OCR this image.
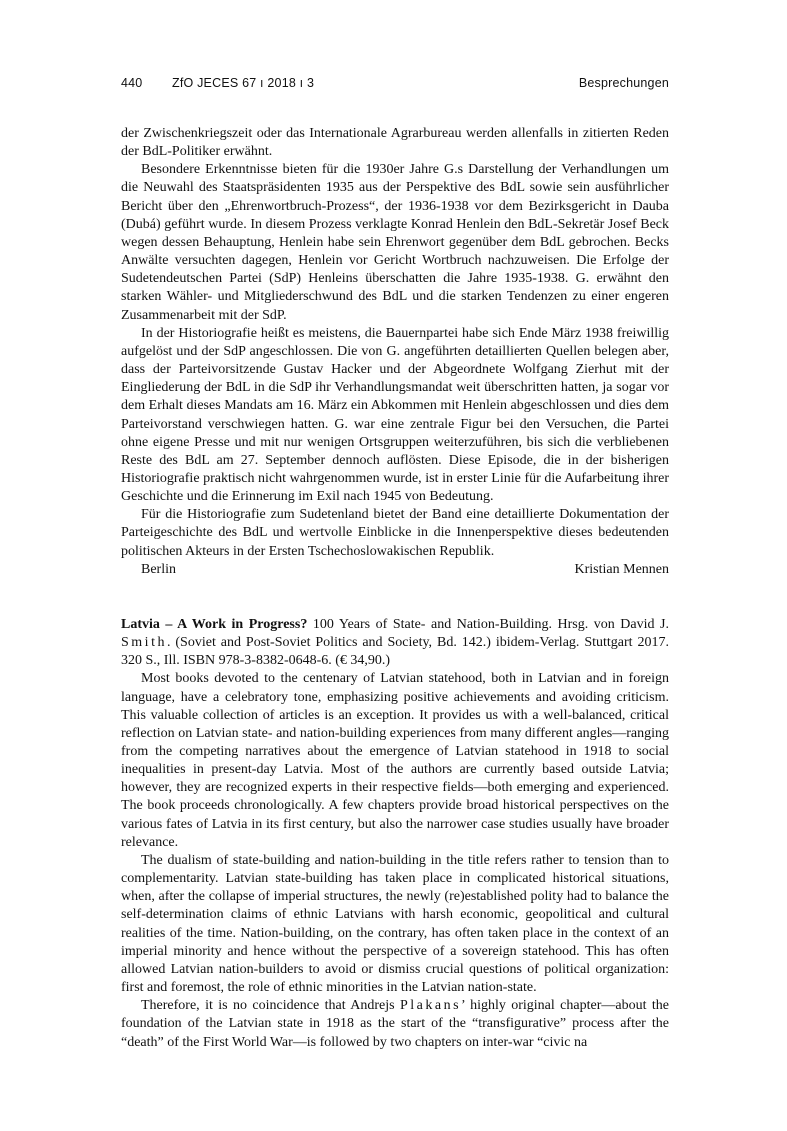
440 ZfO JECES 67 ı 2018 ı 3	Besprechungen

der Zwischenkriegszeit oder das Internationale Agrarbureau werden allenfalls in zitierten Reden der BdL-Politiker erwähnt.

Besondere Erkenntnisse bieten für die 1930er Jahre G.s Darstellung der Verhandlungen um die Neuwahl des Staatspräsidenten 1935 aus der Perspektive des BdL sowie sein ausführlicher Bericht über den „Ehrenwortbruch-Prozess“, der 1936-1938 vor dem Bezirksgericht in Dauba (Dubá) geführt wurde. In diesem Prozess verklagte Konrad Henlein den BdL-Sekretär Josef Beck wegen dessen Behauptung, Henlein habe sein Ehrenwort gegenüber dem BdL gebrochen. Becks Anwälte versuchten dagegen, Henlein vor Gericht Wortbruch nachzuweisen. Die Erfolge der Sudetendeutschen Partei (SdP) Henleins überschatten die Jahre 1935-1938. G. erwähnt den starken Wähler- und Mitgliederschwund des BdL und die starken Tendenzen zu einer engeren Zusammenarbeit mit der SdP.

In der Historiografie heißt es meistens, die Bauernpartei habe sich Ende März 1938 freiwillig aufgelöst und der SdP angeschlossen. Die von G. angeführten detaillierten Quellen belegen aber, dass der Parteivorsitzende Gustav Hacker und der Abgeordnete Wolfgang Zierhut mit der Eingliederung der BdL in die SdP ihr Verhandlungsmandat weit überschritten hatten, ja sogar vor dem Erhalt dieses Mandats am 16. März ein Abkommen mit Henlein abgeschlossen und dies dem Parteivorstand verschwiegen hatten. G. war eine zentrale Figur bei den Versuchen, die Partei ohne eigene Presse und mit nur wenigen Ortsgruppen weiterzuführen, bis sich die verbliebenen Reste des BdL am 27. September dennoch auflösten. Diese Episode, die in der bisherigen Historiografie praktisch nicht wahrgenommen wurde, ist in erster Linie für die Aufarbeitung ihrer Geschichte und die Erinnerung im Exil nach 1945 von Bedeutung.

Für die Historiografie zum Sudetenland bietet der Band eine detaillierte Dokumentation der Parteigeschichte des BdL und wertvolle Einblicke in die Innenperspektive dieses bedeutenden politischen Akteurs in der Ersten Tschechoslowakischen Republik.

Berlin	Kristian Mennen

Latvia – A Work in Progress? 100 Years of State- and Nation-Building. Hrsg. von David J. Smith. (Soviet and Post-Soviet Politics and Society, Bd. 142.) ibidem-Verlag. Stuttgart 2017. 320 S., Ill. ISBN 978-3-8382-0648-6. (€ 34,90.)

Most books devoted to the centenary of Latvian statehood, both in Latvian and in foreign language, have a celebratory tone, emphasizing positive achievements and avoiding criticism. This valuable collection of articles is an exception. It provides us with a well-balanced, critical reflection on Latvian state- and nation-building experiences from many different angles—ranging from the competing narratives about the emergence of Latvian statehood in 1918 to social inequalities in present-day Latvia. Most of the authors are currently based outside Latvia; however, they are recognized experts in their respective fields—both emerging and experienced. The book proceeds chronologically. A few chapters provide broad historical perspectives on the various fates of Latvia in its first century, but also the narrower case studies usually have broader relevance.

The dualism of state-building and nation-building in the title refers rather to tension than to complementarity. Latvian state-building has taken place in complicated historical situations, when, after the collapse of imperial structures, the newly (re)established polity had to balance the self-determination claims of ethnic Latvians with harsh economic, geopolitical and cultural realities of the time. Nation-building, on the contrary, has often taken place in the context of an imperial minority and hence without the perspective of a sovereign statehood. This has often allowed Latvian nation-builders to avoid or dismiss crucial questions of political organization: first and foremost, the role of ethnic minorities in the Latvian nation-state.

Therefore, it is no coincidence that Andrejs Plakans’ highly original chapter—about the foundation of the Latvian state in 1918 as the start of the “transfigurative” process after the “death” of the First World War—is followed by two chapters on inter-war “civic na
